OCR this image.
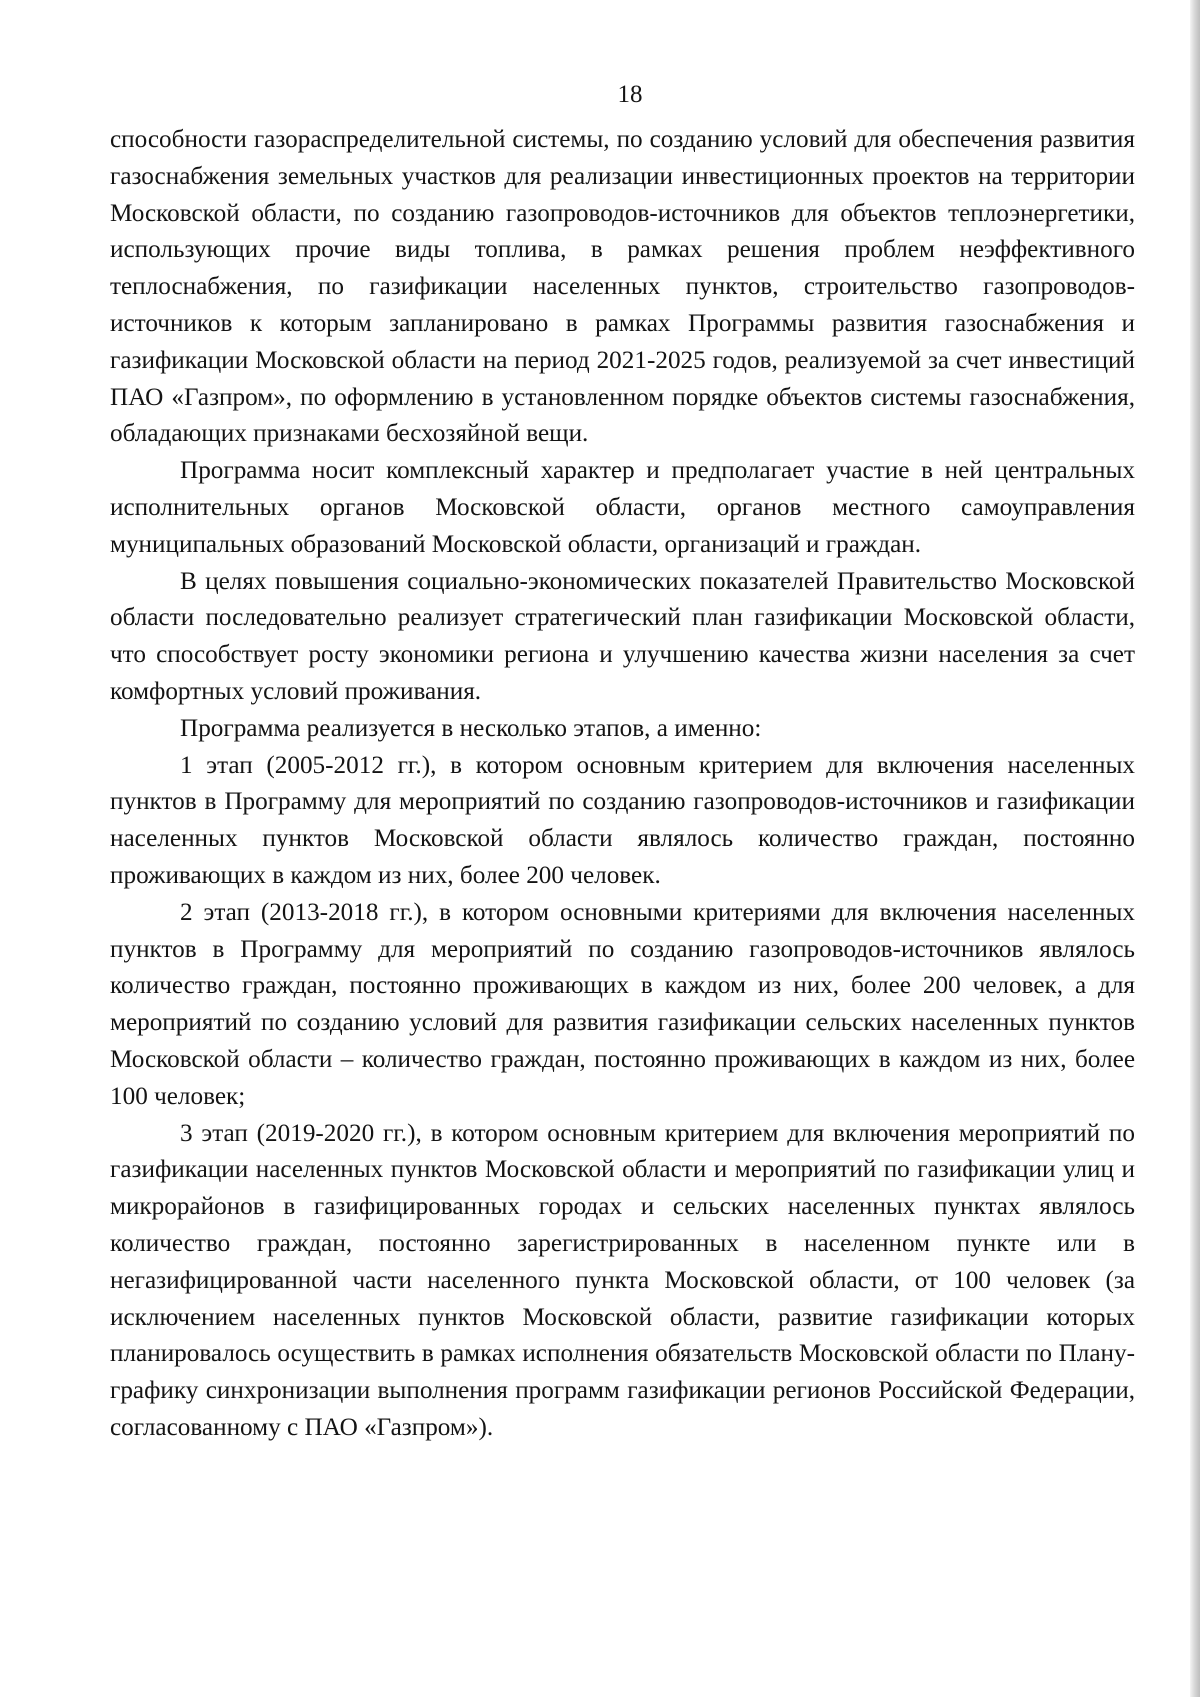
18

способности газораспределительной системы, по созданию условий для обеспечения развития газоснабжения земельных участков для реализации инвестиционных проектов на территории Московской области, по созданию газопроводов-источников для объектов теплоэнергетики, использующих прочие виды топлива, в рамках решения проблем неэффективного теплоснабжения, по газификации населенных пунктов, строительство газопроводов-источников к которым запланировано в рамках Программы развития газоснабжения и газификации Московской области на период 2021-2025 годов, реализуемой за счет инвестиций ПАО «Газпром», по оформлению в установленном порядке объектов системы газоснабжения, обладающих признаками бесхозяйной вещи.

Программа носит комплексный характер и предполагает участие в ней центральных исполнительных органов Московской области, органов местного самоуправления муниципальных образований Московской области, организаций и граждан.

В целях повышения социально-экономических показателей Правительство Московской области последовательно реализует стратегический план газификации Московской области, что способствует росту экономики региона и улучшению качества жизни населения за счет комфортных условий проживания.

Программа реализуется в несколько этапов, а именно:

1 этап (2005-2012 гг.), в котором основным критерием для включения населенных пунктов в Программу для мероприятий по созданию газопроводов-источников и газификации населенных пунктов Московской области являлось количество граждан, постоянно проживающих в каждом из них, более 200 человек.

2 этап (2013-2018 гг.), в котором основными критериями для включения населенных пунктов в Программу для мероприятий по созданию газопроводов-источников являлось количество граждан, постоянно проживающих в каждом из них, более 200 человек, а для мероприятий по созданию условий для развития газификации сельских населенных пунктов Московской области – количество граждан, постоянно проживающих в каждом из них, более 100 человек;

3 этап (2019-2020 гг.), в котором основным критерием для включения мероприятий по газификации населенных пунктов Московской области и мероприятий по газификации улиц и микрорайонов в газифицированных городах и сельских населенных пунктах являлось количество граждан, постоянно зарегистрированных в населенном пункте или в негазифицированной части населенного пункта Московской области, от 100 человек (за исключением населенных пунктов Московской области, развитие газификации которых планировалось осуществить в рамках исполнения обязательств Московской области по Плану-графику синхронизации выполнения программ газификации регионов Российской Федерации, согласованному с ПАО «Газпром»).
